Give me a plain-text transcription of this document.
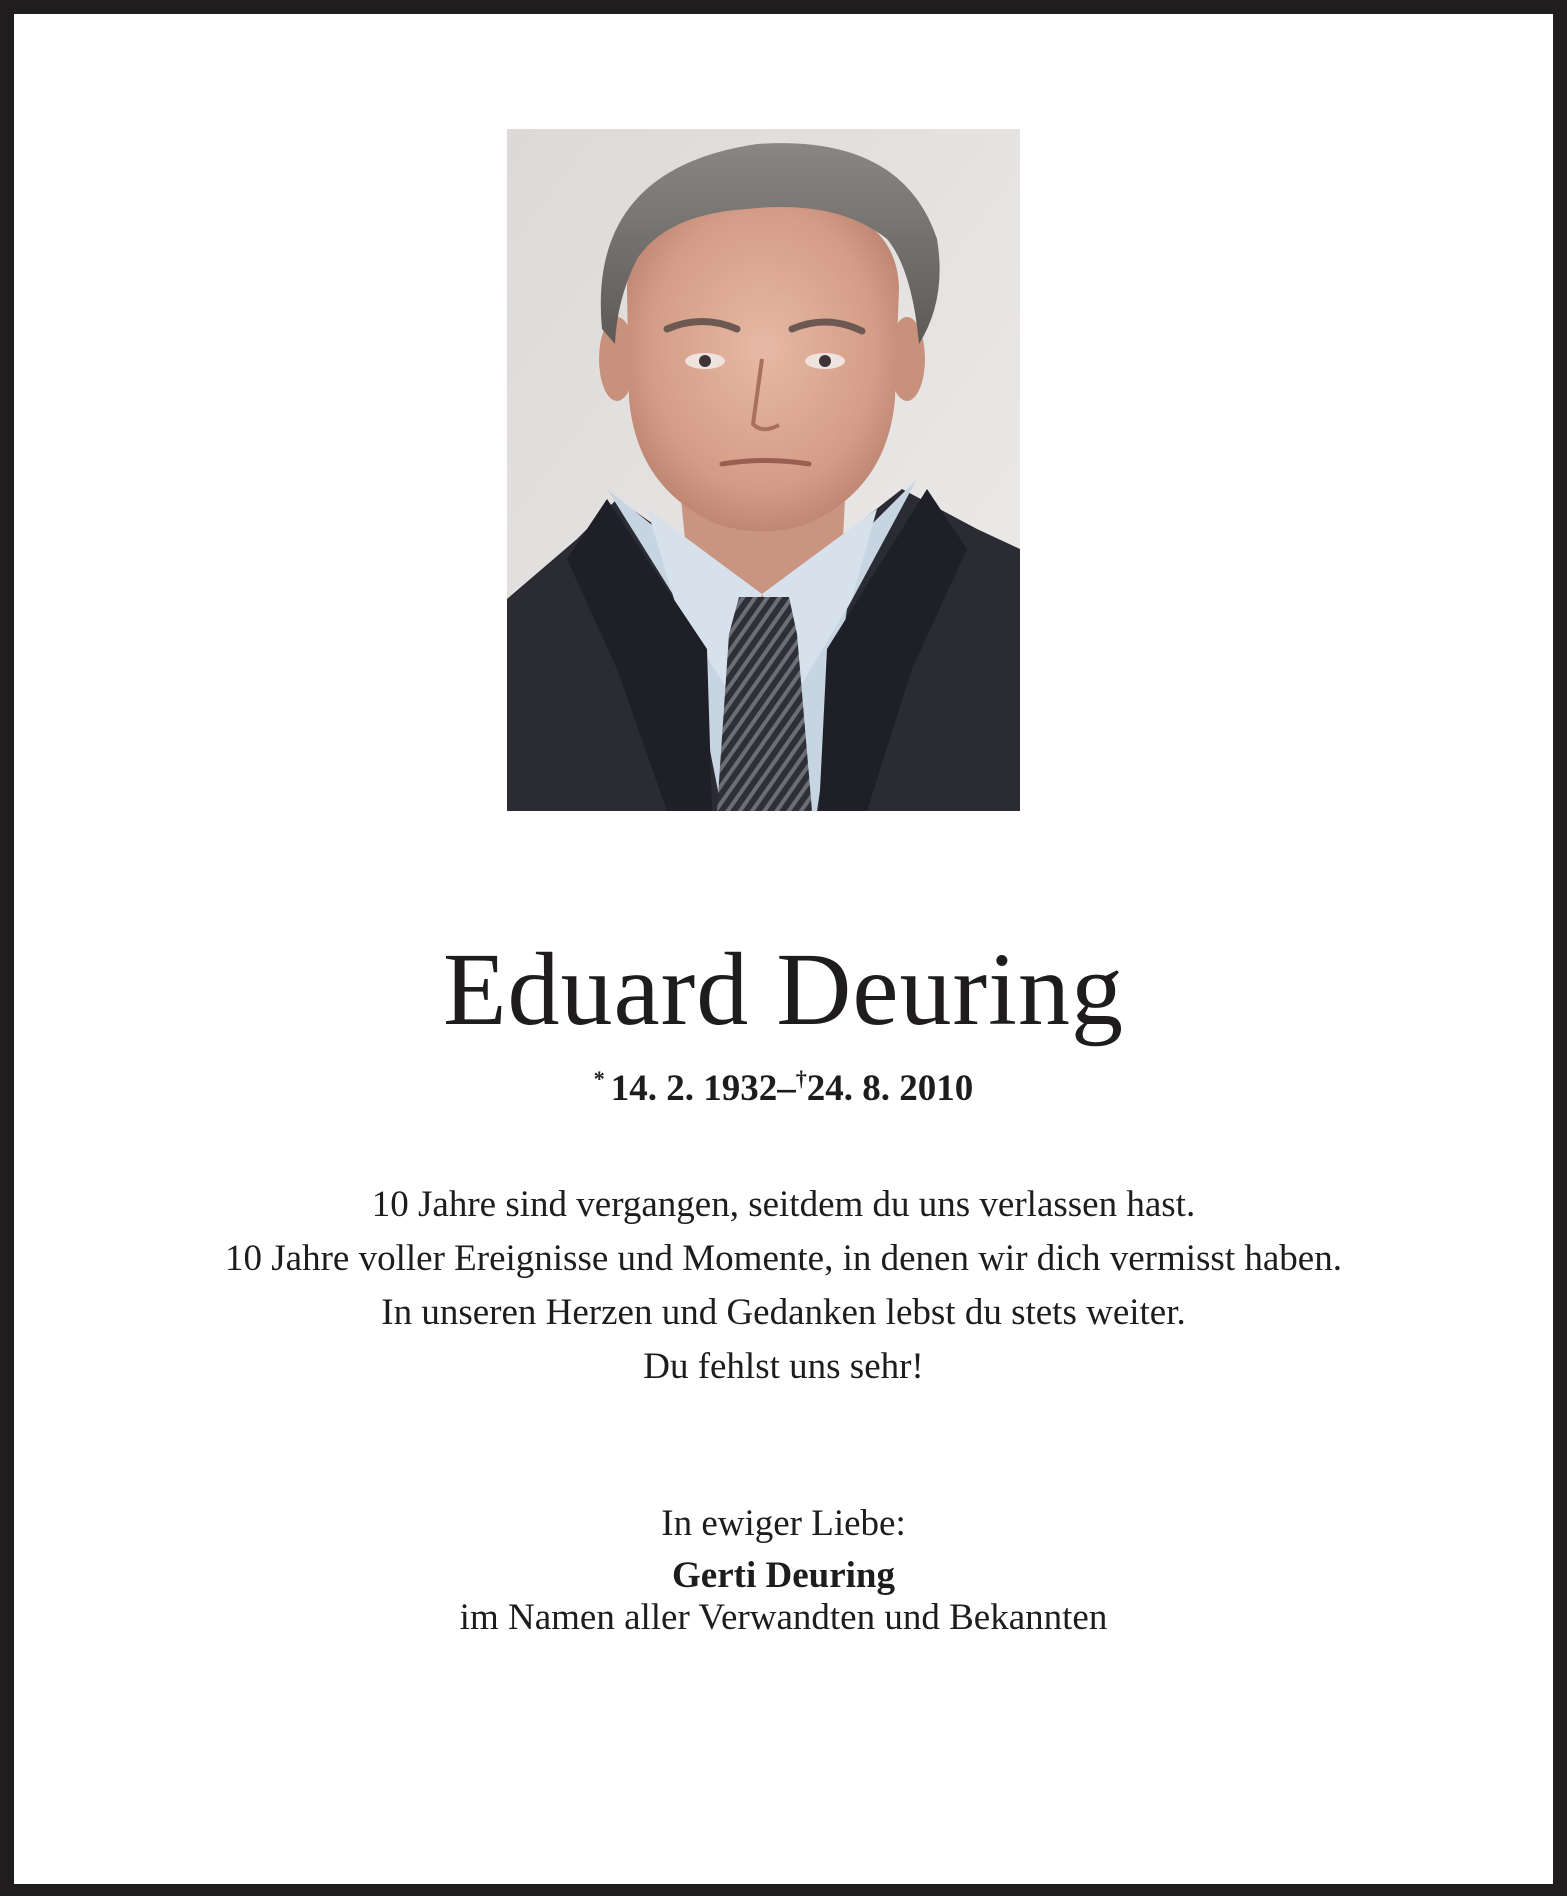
Eduard Deuring
* 14. 2. 1932–†24. 8. 2010
10 Jahre sind vergangen, seitdem du uns verlassen hast.
10 Jahre voller Ereignisse und Momente, in denen wir dich vermisst haben.
In unseren Herzen und Gedanken lebst du stets weiter.
Du fehlst uns sehr!
In ewiger Liebe:
Gerti Deuring
im Namen aller Verwandten und Bekannten
